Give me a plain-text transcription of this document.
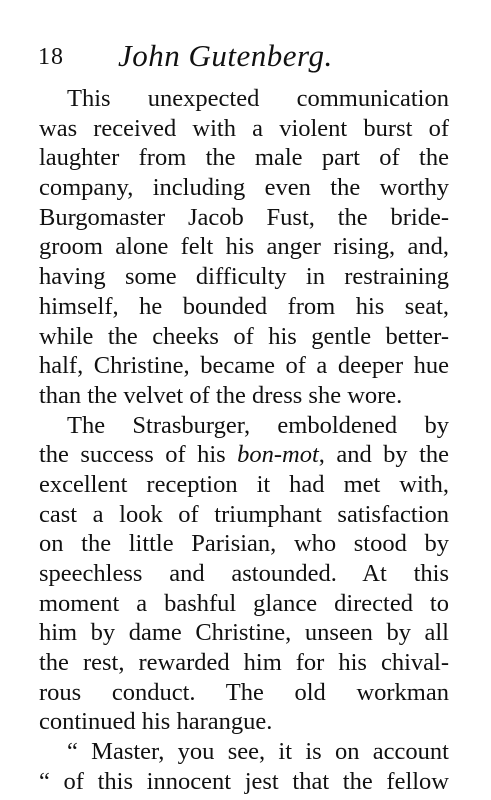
18 John Gutenberg.
This unexpected communication
was received with a violent burst of
laughter from the male part of the
company, including even the worthy
Burgomaster Jacob Fust, the bride-
groom alone felt his anger rising, and,
having some difficulty in restraining
himself, he bounded from his seat,
while the cheeks of his gentle better-
half, Christine, became of a deeper hue
than the velvet of the dress she wore.
The Strasburger, emboldened by
the success of his bon-mot, and by the
excellent reception it had met with,
cast a look of triumphant satisfaction
on the little Parisian, who stood by
speechless and astounded. At this
moment a bashful glance directed to
him by dame Christine, unseen by all
the rest, rewarded him for his chival-
rous conduct. The old workman
continued his harangue.
“ Master, you see, it is on account
“ of this innocent jest that the fellow
